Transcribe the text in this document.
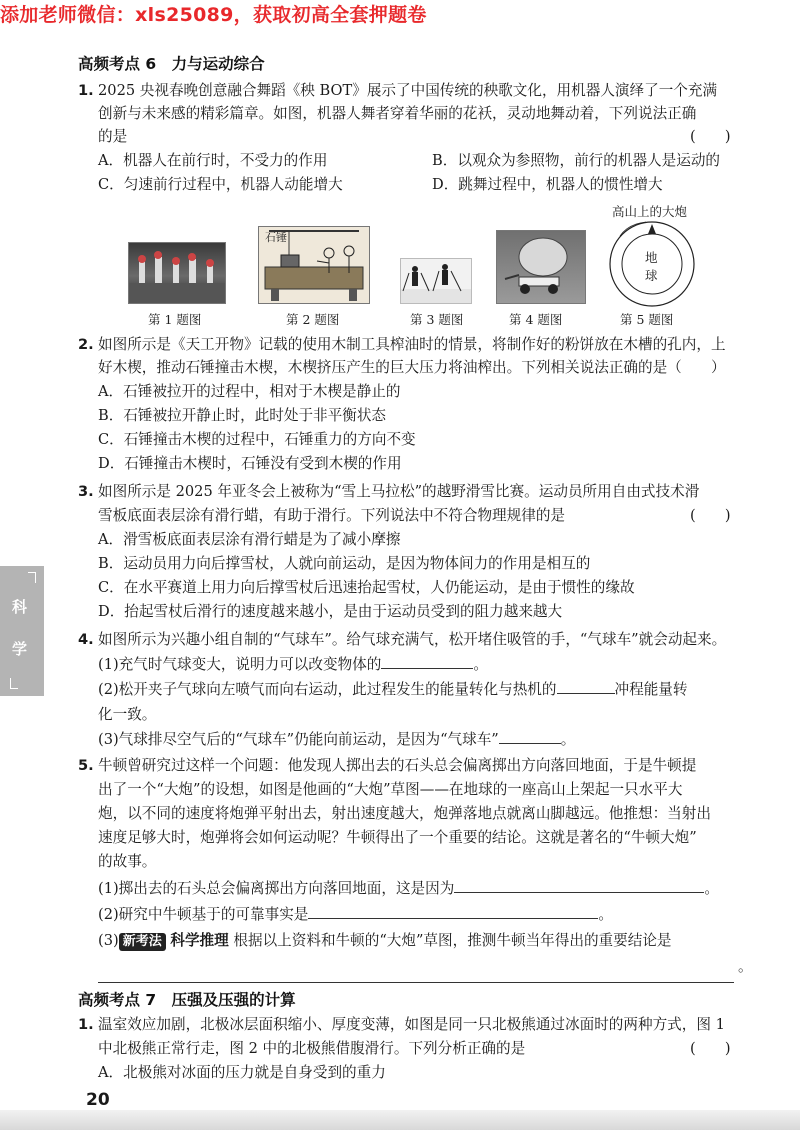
添加老师微信：xls25089，获取初高全套押题卷
科
学
高频考点 6　力与运动综合
1. 2025 央视春晚创意融合舞蹈《秧 BOT》展示了中国传统的秧歌文化，用机器人演绎了一个充满
创新与未来感的精彩篇章。如图，机器人舞者穿着华丽的花袄，灵动地舞动着，下列说法正确
的是	(　　)
A．机器人在前行时，不受力的作用	B．以观众为参照物，前行的机器人是运动的
C．匀速前行过程中，机器人动能增大	D．跳舞过程中，机器人的惯性增大
第 1 题图
石锤
第 2 题图	第 3 题图	第 4 题图
高山上的大炮
地
球
第 5 题图
2. 如图所示是《天工开物》记载的使用木制工具榨油时的情景，将制作好的粉饼放在木槽的孔内，上
好木楔，推动石锤撞击木楔，木楔挤压产生的巨大压力将油榨出。下列相关说法正确的是（　　）
A．石锤被拉开的过程中，相对于木楔是静止的
B．石锤被拉开静止时，此时处于非平衡状态
C．石锤撞击木楔的过程中，石锤重力的方向不变
D．石锤撞击木楔时，石锤没有受到木楔的作用
3. 如图所示是 2025 年亚冬会上被称为“雪上马拉松”的越野滑雪比赛。运动员所用自由式技术滑
雪板底面表层涂有滑行蜡，有助于滑行。下列说法中不符合物理规律的是	(　　)
A．滑雪板底面表层涂有滑行蜡是为了减小摩擦
B．运动员用力向后撑雪杖，人就向前运动，是因为物体间力的作用是相互的
C．在水平赛道上用力向后撑雪杖后迅速抬起雪杖，人仍能运动，是由于惯性的缘故
D．抬起雪杖后滑行的速度越来越小，是由于运动员受到的阻力越来越大
4. 如图所示为兴趣小组自制的“气球车”。给气球充满气，松开堵住吸管的手，“气球车”就会动起来。
(1)充气时气球变大，说明力可以改变物体的	。
(2)松开夹子气球向左喷气而向右运动，此过程发生的能量转化与热机的	冲程能量转
化一致。
(3)气球排尽空气后的“气球车”仍能向前运动，是因为“气球车”	。
5. 牛顿曾研究过这样一个问题：他发现人掷出去的石头总会偏离掷出方向落回地面，于是牛顿提
出了一个“大炮”的设想，如图是他画的“大炮”草图——在地球的一座高山上架起一只水平大
炮，以不同的速度将炮弹平射出去，射出速度越大，炮弹落地点就离山脚越远。他推想：当射出
速度足够大时，炮弹将会如何运动呢？牛顿得出了一个重要的结论。这就是著名的“牛顿大炮”
的故事。
(1)掷出去的石头总会偏离掷出方向落回地面，这是因为	。
(2)研究中牛顿基于的可靠事实是	。
(3) 新考法 科学推理 根据以上资料和牛顿的“大炮”草图，推测牛顿当年得出的重要结论是
。
高频考点 7　压强及压强的计算
1. 温室效应加剧，北极冰层面积缩小、厚度变薄，如图是同一只北极熊通过冰面时的两种方式，图 1
中北极熊正常行走，图 2 中的北极熊借腹滑行。下列分析正确的是	(　　)
A．北极熊对冰面的压力就是自身受到的重力
20
